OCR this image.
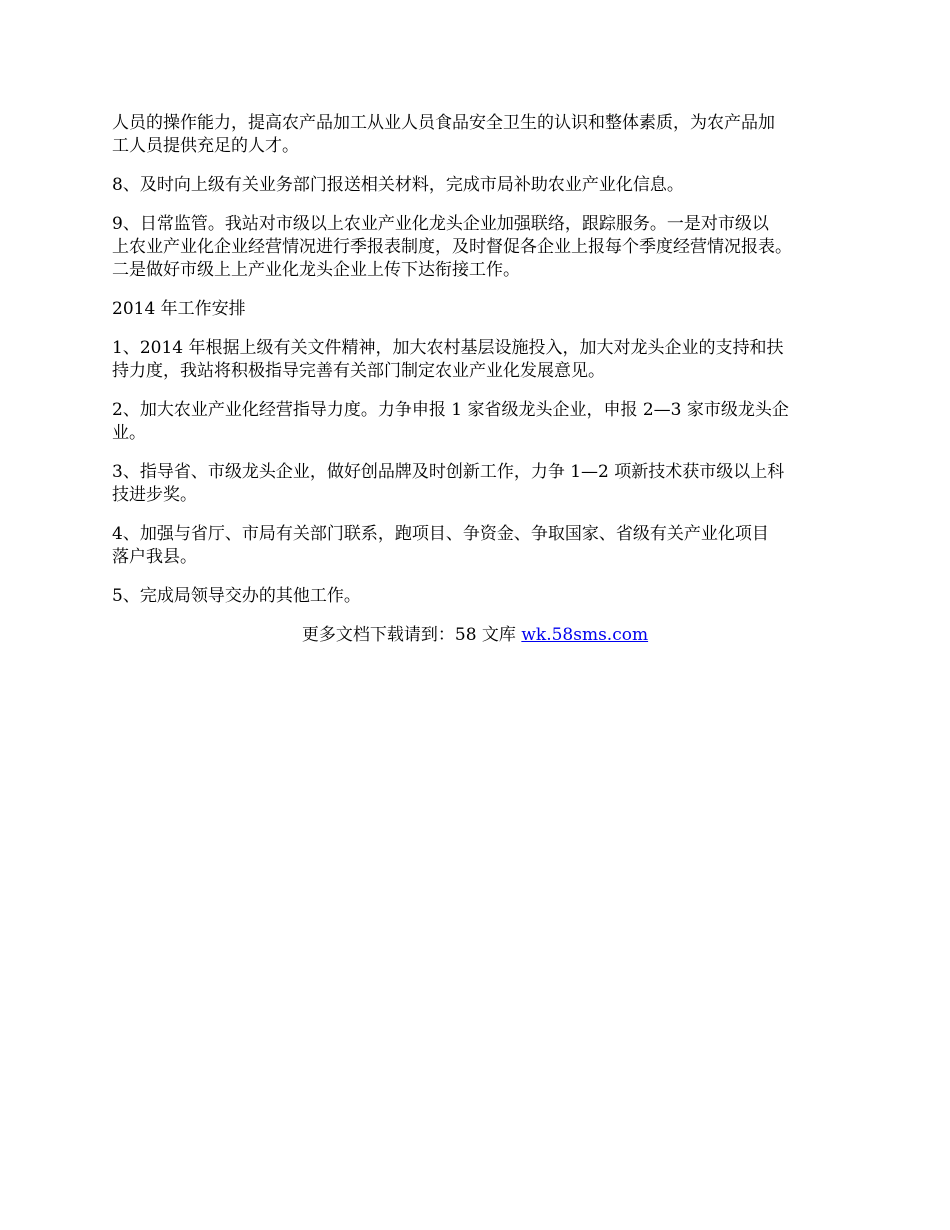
人员的操作能力，提高农产品加工从业人员食品安全卫生的认识和整体素质，为农产品加
工人员提供充足的人才。

8、及时向上级有关业务部门报送相关材料，完成市局补助农业产业化信息。

9、日常监管。我站对市级以上农业产业化龙头企业加强联络，跟踪服务。一是对市级以
上农业产业化企业经营情况进行季报表制度，及时督促各企业上报每个季度经营情况报表。
二是做好市级上上产业化龙头企业上传下达衔接工作。

2014 年工作安排

1、2014 年根据上级有关文件精神，加大农村基层设施投入，加大对龙头企业的支持和扶
持力度，我站将积极指导完善有关部门制定农业产业化发展意见。

2、加大农业产业化经营指导力度。力争申报 1 家省级龙头企业，申报 2—3 家市级龙头企
业。

3、指导省、市级龙头企业，做好创品牌及时创新工作，力争 1—2 项新技术获市级以上科
技进步奖。

4、加强与省厅、市局有关部门联系，跑项目、争资金、争取国家、省级有关产业化项目
落户我县。

5、完成局领导交办的其他工作。

更多文档下载请到：58 文库 wk.58sms.com
